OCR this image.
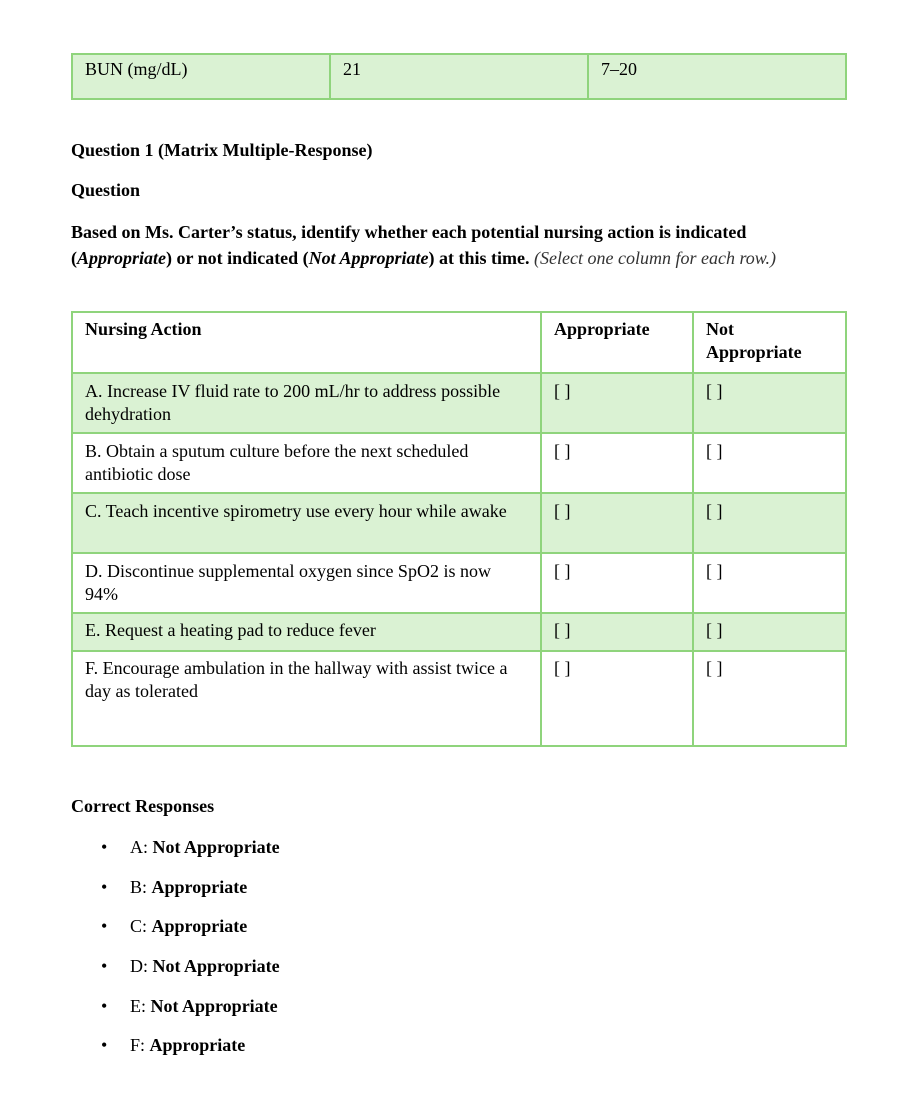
BUN (mg/dL)	21	7–20

Question 1 (Matrix Multiple-Response)

Question

Based on Ms. Carter’s status, identify whether each potential nursing action is indicated (Appropriate) or not indicated (Not Appropriate) at this time. (Select one column for each row.)

Nursing Action	Appropriate	Not Appropriate
A. Increase IV fluid rate to 200 mL/hr to address possible dehydration	[ ]	[ ]
B. Obtain a sputum culture before the next scheduled antibiotic dose	[ ]	[ ]
C. Teach incentive spirometry use every hour while awake	[ ]	[ ]
D. Discontinue supplemental oxygen since SpO2 is now 94%	[ ]	[ ]
E. Request a heating pad to reduce fever	[ ]	[ ]
F. Encourage ambulation in the hallway with assist twice a day as tolerated	[ ]	[ ]

Correct Responses

• A: Not Appropriate
• B: Appropriate
• C: Appropriate
• D: Not Appropriate
• E: Not Appropriate
• F: Appropriate
